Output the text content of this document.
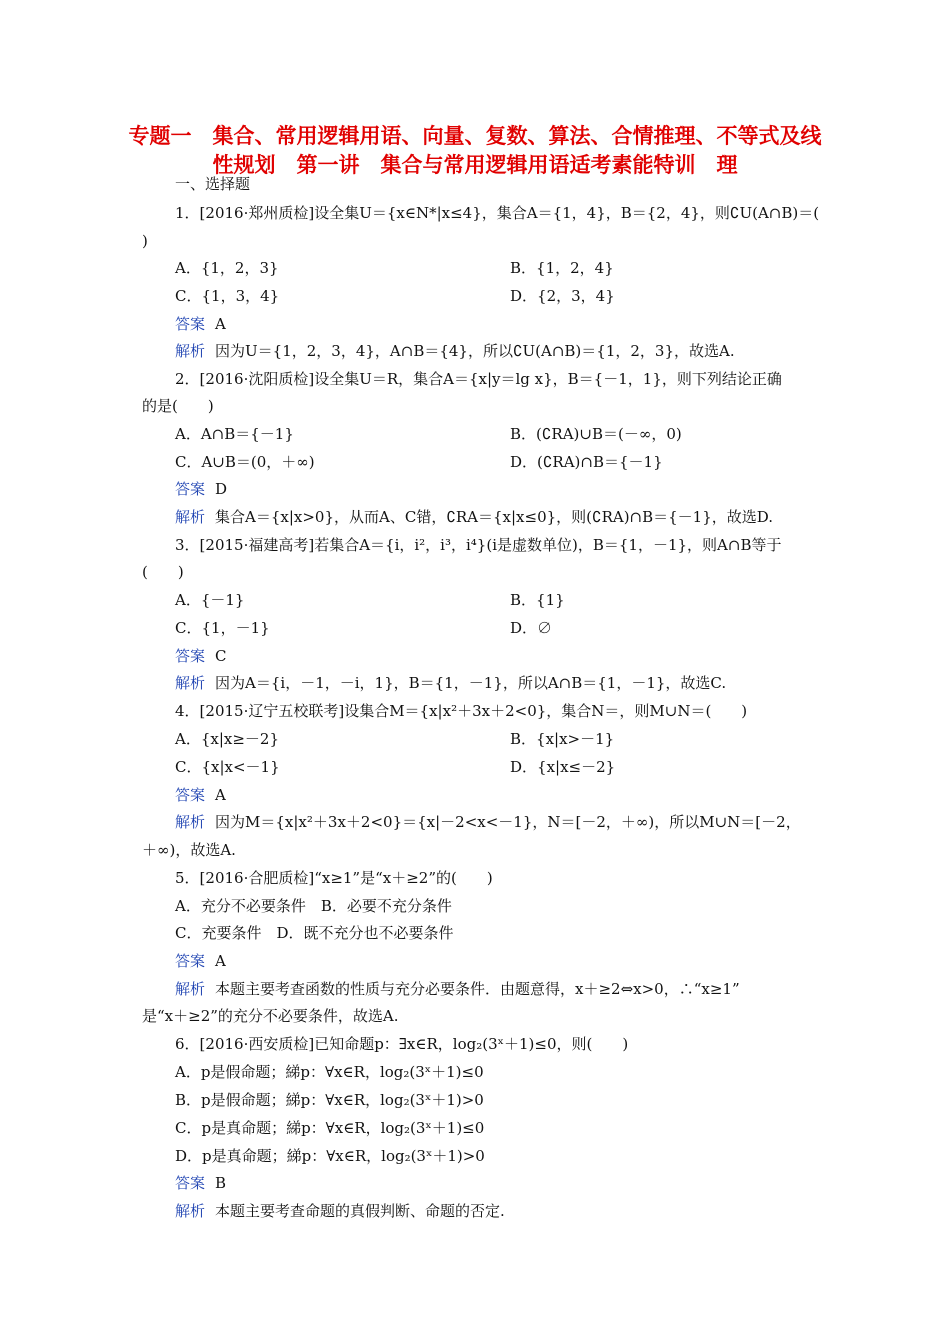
专题一　集合、常用逻辑用语、向量、复数、算法、合情推理、不等式及线性规划　第一讲　集合与常用逻辑用语适考素能特训　理
一、选择题
1．[2016·郑州质检]设全集U＝{x∈N*|x≤4}，集合A＝{1，4}，B＝{2，4}，则∁U(A∩B)＝(
)
A．{1，2，3}	B．{1，2，4}
C．{1，3，4}	D．{2，3，4}
答案 A
解析 因为U＝{1，2，3，4}，A∩B＝{4}，所以∁U(A∩B)＝{1，2，3}，故选A.
2．[2016·沈阳质检]设全集U＝R，集合A＝{x|y＝lg x}，B＝{－1，1}，则下列结论正确
的是(　　)
A．A∩B＝{－1}	B．(∁RA)∪B＝(－∞，0)
C．A∪B＝(0，＋∞)	D．(∁RA)∩B＝{－1}
答案 D
解析 集合A＝{x|x>0}，从而A、C错，∁RA＝{x|x≤0}，则(∁RA)∩B＝{－1}，故选D.
3．[2015·福建高考]若集合A＝{i，i²，i³，i⁴}(i是虚数单位)，B＝{1，－1}，则A∩B等于
(　　)
A．{－1}	B．{1}
C．{1，－1}	D．∅
答案 C
解析 因为A＝{i，－1，－i，1}，B＝{1，－1}，所以A∩B＝{1，－1}，故选C.
4．[2015·辽宁五校联考]设集合M＝{x|x²＋3x＋2<0}，集合N＝，则M∪N＝(　　)
A．{x|x≥－2}	B．{x|x>－1}
C．{x|x<－1}	D．{x|x≤－2}
答案 A
解析 因为M＝{x|x²＋3x＋2<0}＝{x|－2<x<－1}，N＝[－2，＋∞)，所以M∪N＝[－2，
＋∞)，故选A.
5．[2016·合肥质检]“x≥1”是“x＋≥2”的(　　)
A．充分不必要条件　B．必要不充分条件
C．充要条件　D．既不充分也不必要条件
答案 A
解析 本题主要考查函数的性质与充分必要条件．由题意得，x＋≥2⇔x>0，∴“x≥1”
是“x＋≥2”的充分不必要条件，故选A.
6．[2016·西安质检]已知命题p：∃x∈R，log₂(3ˣ＋1)≤0，则(　　)
A．p是假命题；綈p：∀x∈R，log₂(3ˣ＋1)≤0
B．p是假命题；綈p：∀x∈R，log₂(3ˣ＋1)>0
C．p是真命题；綈p：∀x∈R，log₂(3ˣ＋1)≤0
D．p是真命题；綈p：∀x∈R，log₂(3ˣ＋1)>0
答案 B
解析 本题主要考查命题的真假判断、命题的否定.
